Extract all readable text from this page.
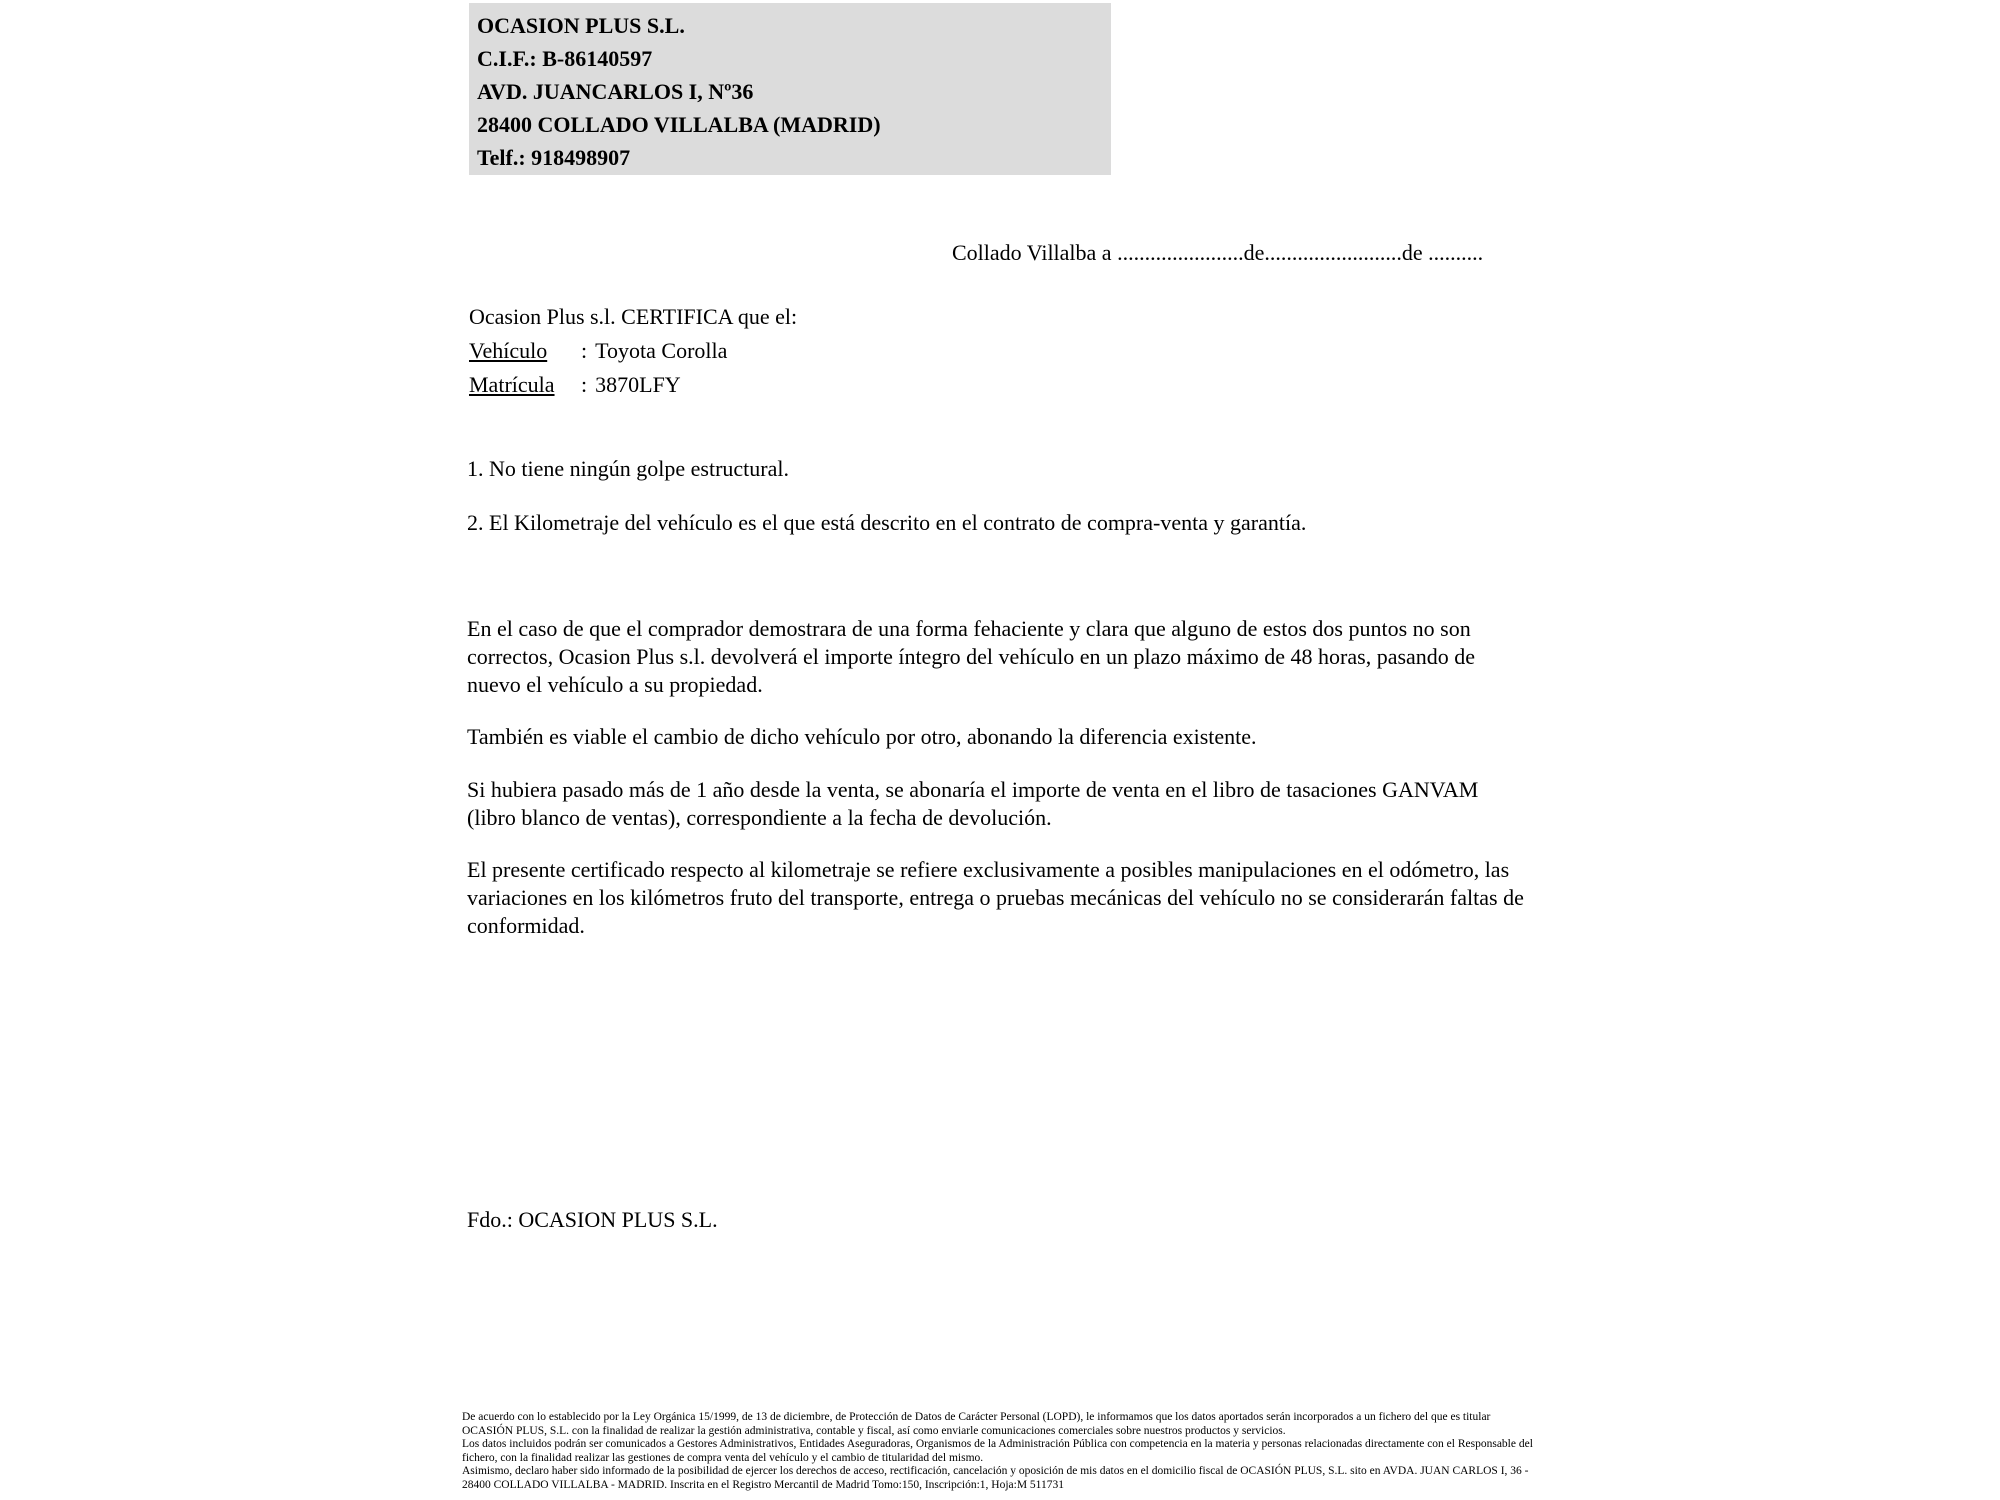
OCASION PLUS S.L.
C.I.F.: B-86140597
AVD. JUANCARLOS I, Nº36
28400 COLLADO VILLALBA (MADRID)
Telf.: 918498907
Collado Villalba a .......................de.........................de ..........
Ocasion Plus s.l. CERTIFICA que el:
Vehículo : Toyota Corolla
Matrícula : 3870LFY
1. No tiene ningún golpe estructural.
2. El Kilometraje del vehículo es el que está descrito en el contrato de compra-venta y garantía.

En el caso de que el comprador demostrara de una forma fehaciente y clara que alguno de estos dos puntos no son correctos, Ocasion Plus s.l. devolverá el importe íntegro del vehículo en un plazo máximo de 48 horas, pasando de nuevo el vehículo a su propiedad.

También es viable el cambio de dicho vehículo por otro, abonando la diferencia existente.

Si hubiera pasado más de 1 año desde la venta, se abonaría el importe de venta en el libro de tasaciones GANVAM (libro blanco de ventas), correspondiente a la fecha de devolución.

El presente certificado respecto al kilometraje se refiere exclusivamente a posibles manipulaciones en el odómetro, las variaciones en los kilómetros fruto del transporte, entrega o pruebas mecánicas del vehículo no se considerarán faltas de conformidad.

Fdo.: OCASION PLUS S.L.

De acuerdo con lo establecido por la Ley Orgánica 15/1999, de 13 de diciembre, de Protección de Datos de Carácter Personal (LOPD), le informamos que los datos aportados serán incorporados a un fichero del que es titular OCASIÓN PLUS, S.L. con la finalidad de realizar la gestión administrativa, contable y fiscal, así como enviarle comunicaciones comerciales sobre nuestros productos y servicios.

Los datos incluidos podrán ser comunicados a Gestores Administrativos, Entidades Aseguradoras, Organismos de la Administración Pública con competencia en la materia y personas relacionadas directamente con el Responsable del fichero, con la finalidad realizar las gestiones de compra venta del vehículo y el cambio de titularidad del mismo.

Asimismo, declaro haber sido informado de la posibilidad de ejercer los derechos de acceso, rectificación, cancelación y oposición de mis datos en el domicilio fiscal de OCASIÓN PLUS, S.L. sito en AVDA. JUAN CARLOS I, 36 - 28400 COLLADO VILLALBA - MADRID. Inscrita en el Registro Mercantil de Madrid Tomo:150, Inscripción:1, Hoja:M 511731
